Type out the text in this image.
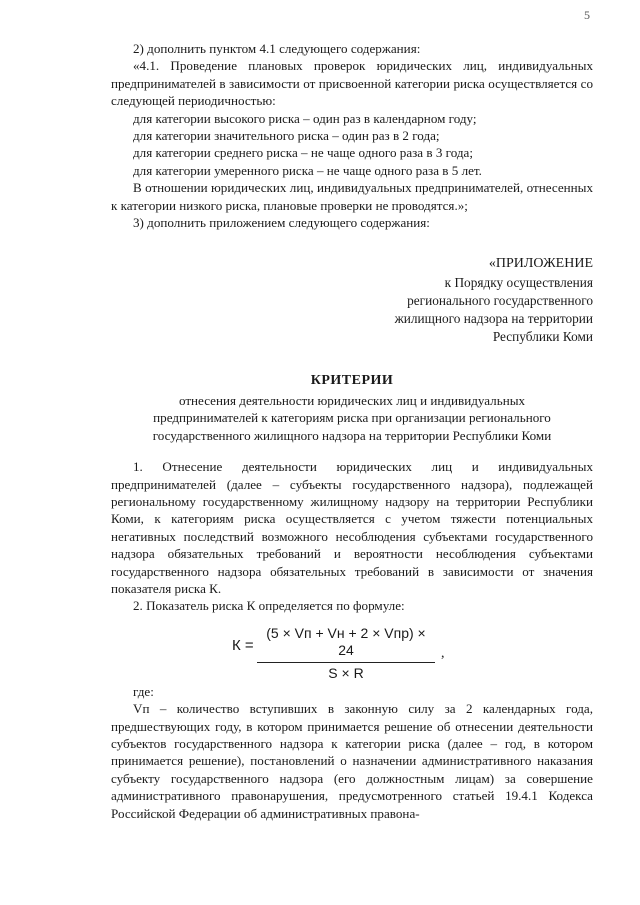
5

2) дополнить пунктом 4.1 следующего содержания:

«4.1. Проведение плановых проверок юридических лиц, индивидуальных предпринимателей в зависимости от присвоенной категории риска осуществляется со следующей периодичностью:

для категории высокого риска – один раз в календарном году;

для категории значительного риска – один раз в 2 года;

для категории среднего риска – не чаще одного раза в 3 года;

для категории умеренного риска – не чаще одного раза в 5 лет.

В отношении юридических лиц, индивидуальных предпринимателей, отнесенных к категории низкого риска, плановые проверки не проводятся.»;

3) дополнить приложением следующего содержания:

«ПРИЛОЖЕНИЕ
к Порядку осуществления
регионального государственного
жилищного надзора на территории
Республики Коми
КРИТЕРИИ
отнесения деятельности юридических лиц и индивидуальных
предпринимателей к категориям риска при организации регионального
государственного жилищного надзора на территории Республики Коми

1. Отнесение деятельности юридических лиц и индивидуальных предпринимателей (далее – субъекты государственного надзора), подлежащей региональному государственному жилищному надзору на территории Республики Коми, к категориям риска осуществляется с учетом тяжести потенциальных негативных последствий возможного несоблюдения субъектами государственного надзора обязательных требований и вероятности несоблюдения субъектами государственного надзора обязательных требований в зависимости от значения показателя риска К.

2. Показатель риска К определяется по формуле:

К =
(5 × Vп + Vн + 2 × Vпр) × 24
S × R
,

где:

Vп – количество вступивших в законную силу за 2 календарных года, предшествующих году, в котором принимается решение об отнесении деятельности субъектов государственного надзора к категории риска (далее – год, в котором принимается решение), постановлений о назначении административного наказания субъекту государственного надзора (его должностным лицам) за совершение административного правонарушения, предусмотренного статьей 19.4.1 Кодекса Российской Федерации об административных правона-
